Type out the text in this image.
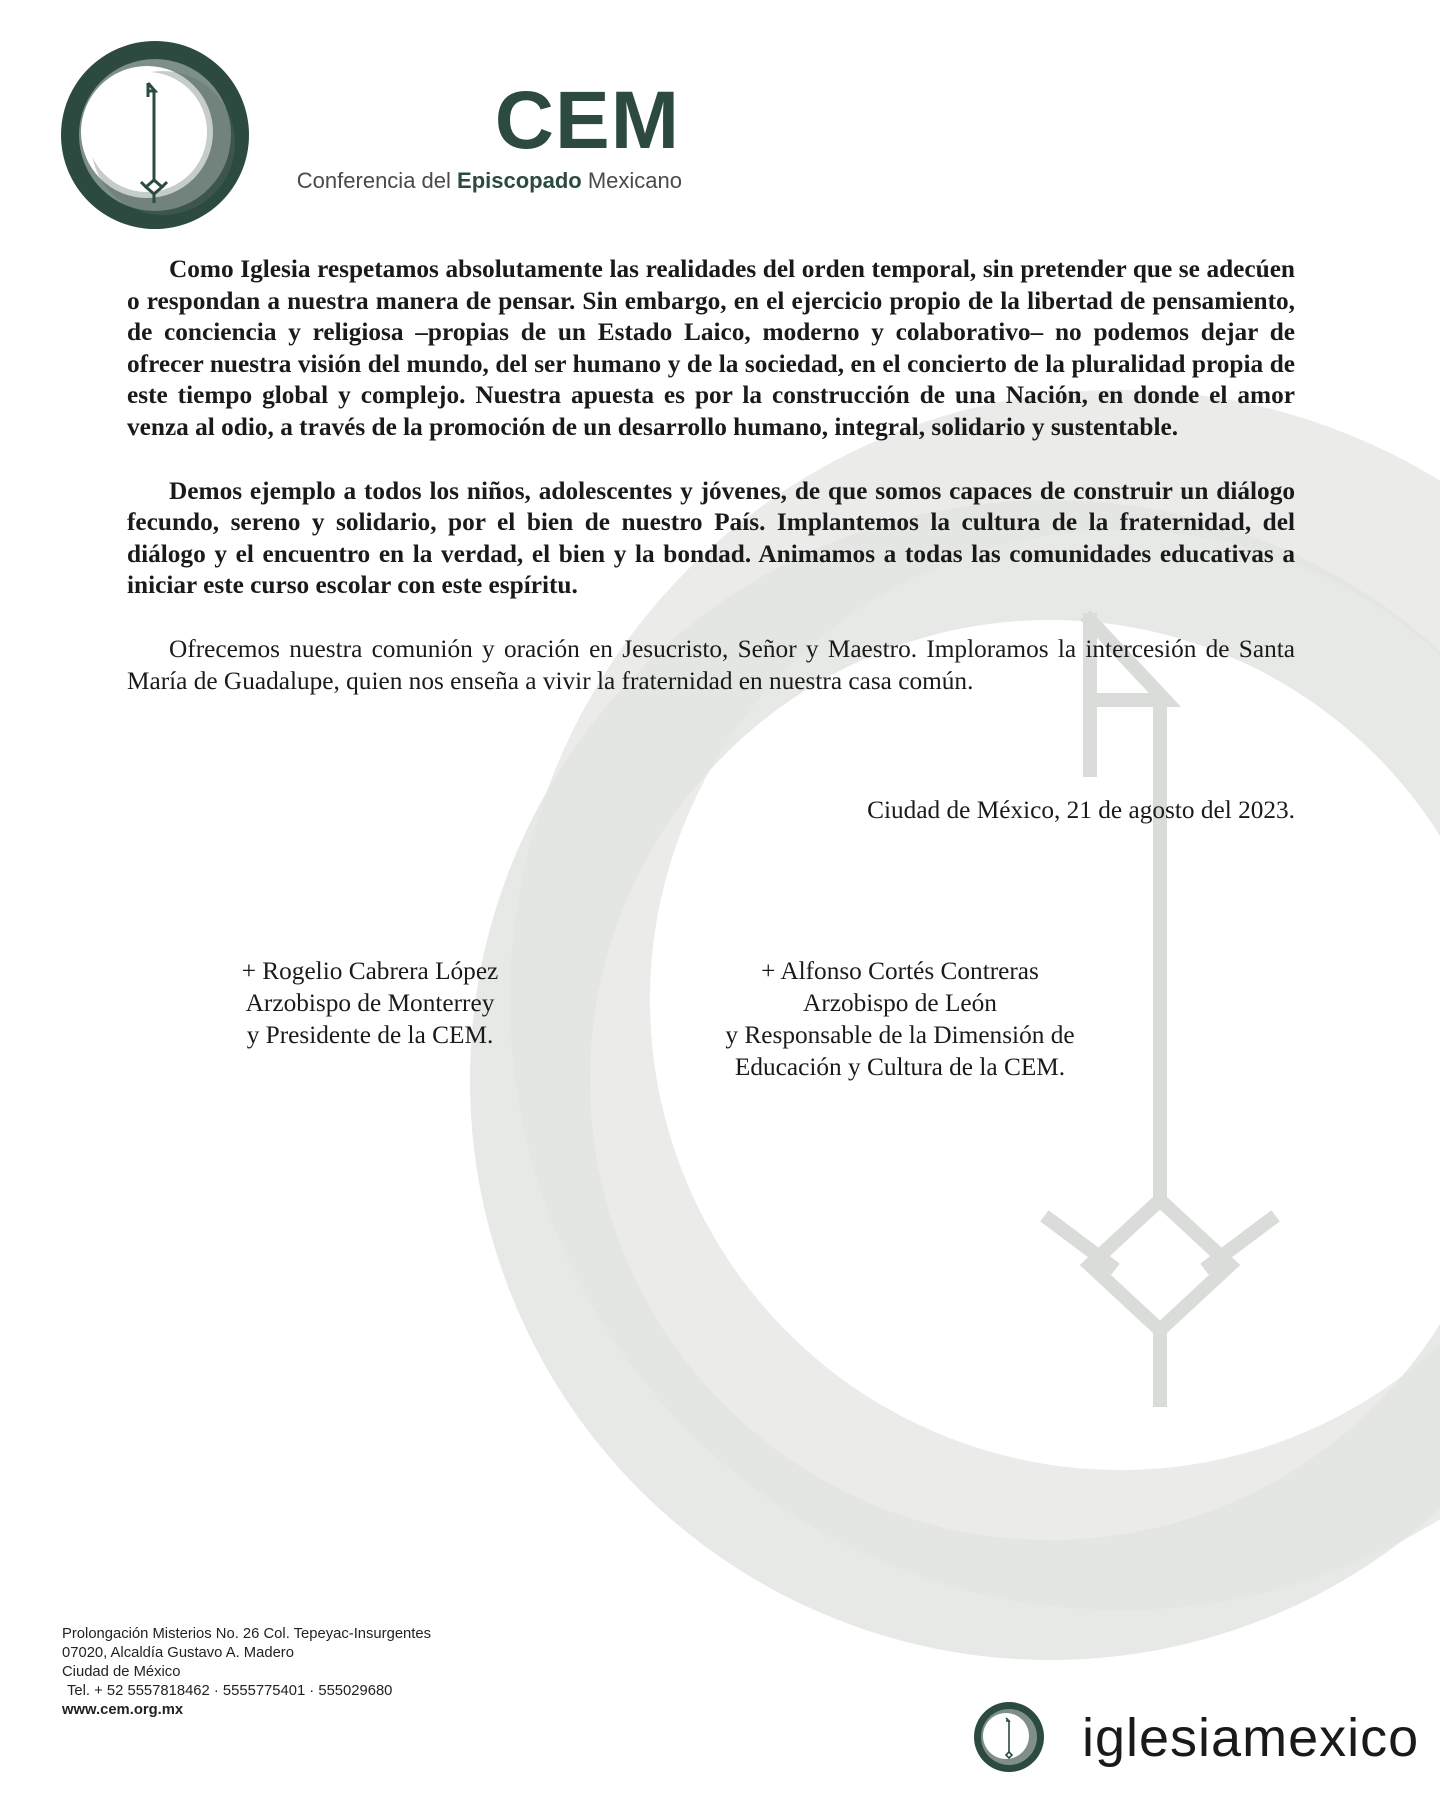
CEM
Conferencia del Episcopado Mexicano

Como Iglesia respetamos absolutamente las realidades del orden temporal, sin pretender que se adecúen o respondan a nuestra manera de pensar. Sin embargo, en el ejercicio propio de la libertad de pensamiento, de conciencia y religiosa –propias de un Estado Laico, moderno y colaborativo– no podemos dejar de ofrecer nuestra visión del mundo, del ser humano y de la sociedad, en el concierto de la pluralidad propia de este tiempo global y complejo. Nuestra apuesta es por la construcción de una Nación, en donde el amor venza al odio, a través de la promoción de un desarrollo humano, integral, solidario y sustentable.

Demos ejemplo a todos los niños, adolescentes y jóvenes, de que somos capaces de construir un diálogo fecundo, sereno y solidario, por el bien de nuestro País. Implantemos la cultura de la fraternidad, del diálogo y el encuentro en la verdad, el bien y la bondad. Animamos a todas las comunidades educativas a iniciar este curso escolar con este espíritu.

Ofrecemos nuestra comunión y oración en Jesucristo, Señor y Maestro. Imploramos la intercesión de Santa María de Guadalupe, quien nos enseña a vivir la fraternidad en nuestra casa común.

Ciudad de México, 21 de agosto del 2023.
+ Rogelio Cabrera López
Arzobispo de Monterrey
y Presidente de la CEM.
+ Alfonso Cortés Contreras
Arzobispo de León
y Responsable de la Dimensión de
Educación y Cultura de la CEM.
Prolongación Misterios No. 26 Col. Tepeyac-Insurgentes
07020, Alcaldía Gustavo A. Madero
Ciudad de México
Tel. + 52 5557818462 · 5555775401 · 555029680
www.cem.org.mx	iglesiamexico
